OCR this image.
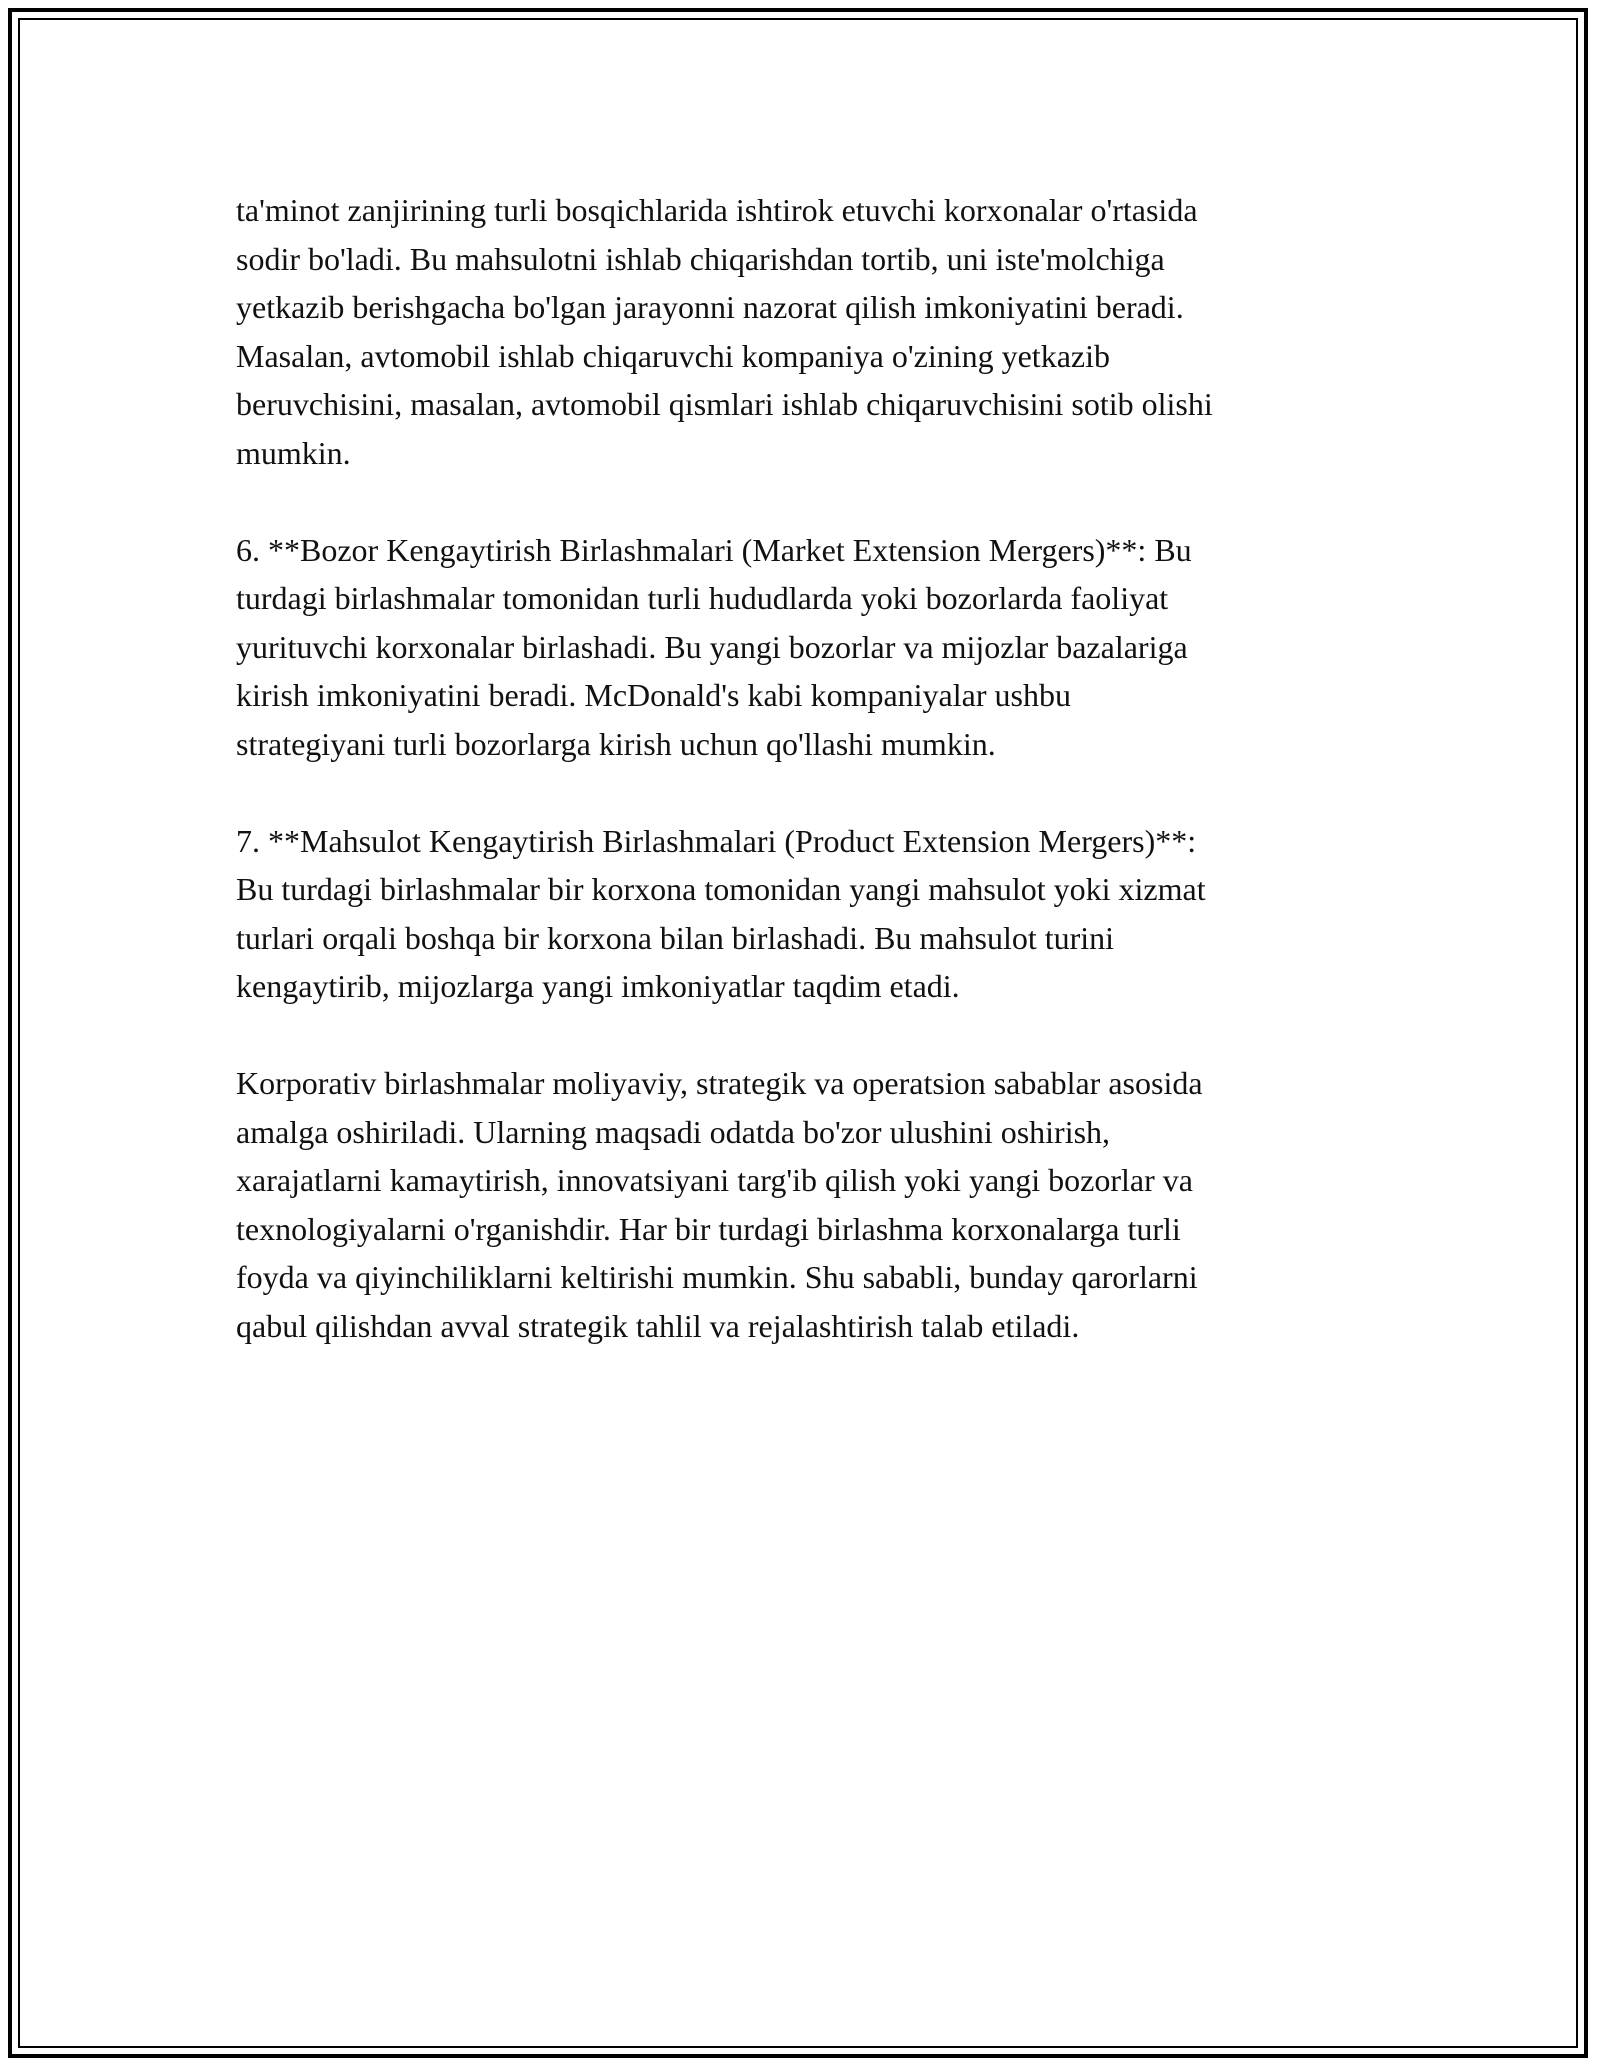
ta'minot zanjirining turli bosqichlarida ishtirok etuvchi korxonalar o'rtasida
sodir bo'ladi. Bu mahsulotni ishlab chiqarishdan tortib, uni iste'molchiga
yetkazib berishgacha bo'lgan jarayonni nazorat qilish imkoniyatini beradi.
Masalan, avtomobil ishlab chiqaruvchi kompaniya o'zining yetkazib
beruvchisini, masalan, avtomobil qismlari ishlab chiqaruvchisini sotib olishi
mumkin.

6. **Bozor Kengaytirish Birlashmalari (Market Extension Mergers)**: Bu
turdagi birlashmalar tomonidan turli hududlarda yoki bozorlarda faoliyat
yurituvchi korxonalar birlashadi. Bu yangi bozorlar va mijozlar bazalariga
kirish imkoniyatini beradi. McDonald's kabi kompaniyalar ushbu
strategiyani turli bozorlarga kirish uchun qo'llashi mumkin.

7. **Mahsulot Kengaytirish Birlashmalari (Product Extension Mergers)**:
Bu turdagi birlashmalar bir korxona tomonidan yangi mahsulot yoki xizmat
turlari orqali boshqa bir korxona bilan birlashadi. Bu mahsulot turini
kengaytirib, mijozlarga yangi imkoniyatlar taqdim etadi.

Korporativ birlashmalar moliyaviy, strategik va operatsion sabablar asosida
amalga oshiriladi. Ularning maqsadi odatda bo'zor ulushini oshirish,
xarajatlarni kamaytirish, innovatsiyani targ'ib qilish yoki yangi bozorlar va
texnologiyalarni o'rganishdir. Har bir turdagi birlashma korxonalarga turli
foyda va qiyinchiliklarni keltirishi mumkin. Shu sababli, bunday qarorlarni
qabul qilishdan avval strategik tahlil va rejalashtirish talab etiladi.
